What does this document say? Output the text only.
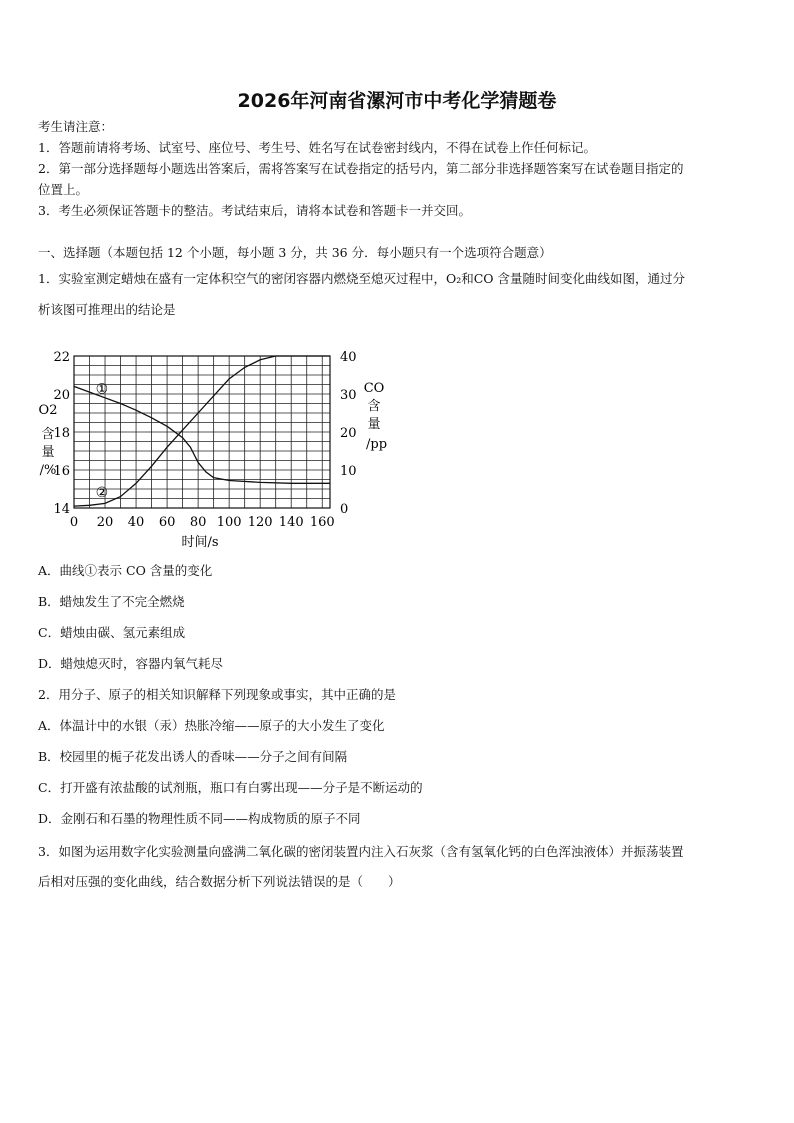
2026年河南省漯河市中考化学猜题卷
考生请注意：
1．答题前请将考场、试室号、座位号、考生号、姓名写在试卷密封线内，不得在试卷上作任何标记。
2．第一部分选择题每小题选出答案后，需将答案写在试卷指定的括号内，第二部分非选择题答案写在试卷题目指定的
位置上。
3．考生必须保证答题卡的整洁。考试结束后，请将本试卷和答题卡一并交回。
一、选择题（本题包括 12 个小题，每小题 3 分，共 36 分．每小题只有一个选项符合题意）
1．实验室测定蜡烛在盛有一定体积空气的密闭容器内燃烧至熄灭过程中，O₂和CO 含量随时间变化曲线如图，通过分
析该图可推理出的结论是
22
20
18
16
14
40
30
20
10
0
0 20 40 60 80 100 120 140 160
时间/s
O2
含
量
/%
CO
含
量
/pp
①
②
A．曲线①表示 CO 含量的变化
B．蜡烛发生了不完全燃烧
C．蜡烛由碳、氢元素组成
D．蜡烛熄灭时，容器内氧气耗尽
2．用分子、原子的相关知识解释下列现象或事实，其中正确的是
A．体温计中的水银（汞）热胀冷缩——原子的大小发生了变化
B．校园里的栀子花发出诱人的香味——分子之间有间隔
C．打开盛有浓盐酸的试剂瓶，瓶口有白雾出现——分子是不断运动的
D．金刚石和石墨的物理性质不同——构成物质的原子不同
3．如图为运用数字化实验测量向盛满二氧化碳的密闭装置内注入石灰浆（含有氢氧化钙的白色浑浊液体）并振荡装置
后相对压强的变化曲线，结合数据分析下列说法错误的是（　　）
